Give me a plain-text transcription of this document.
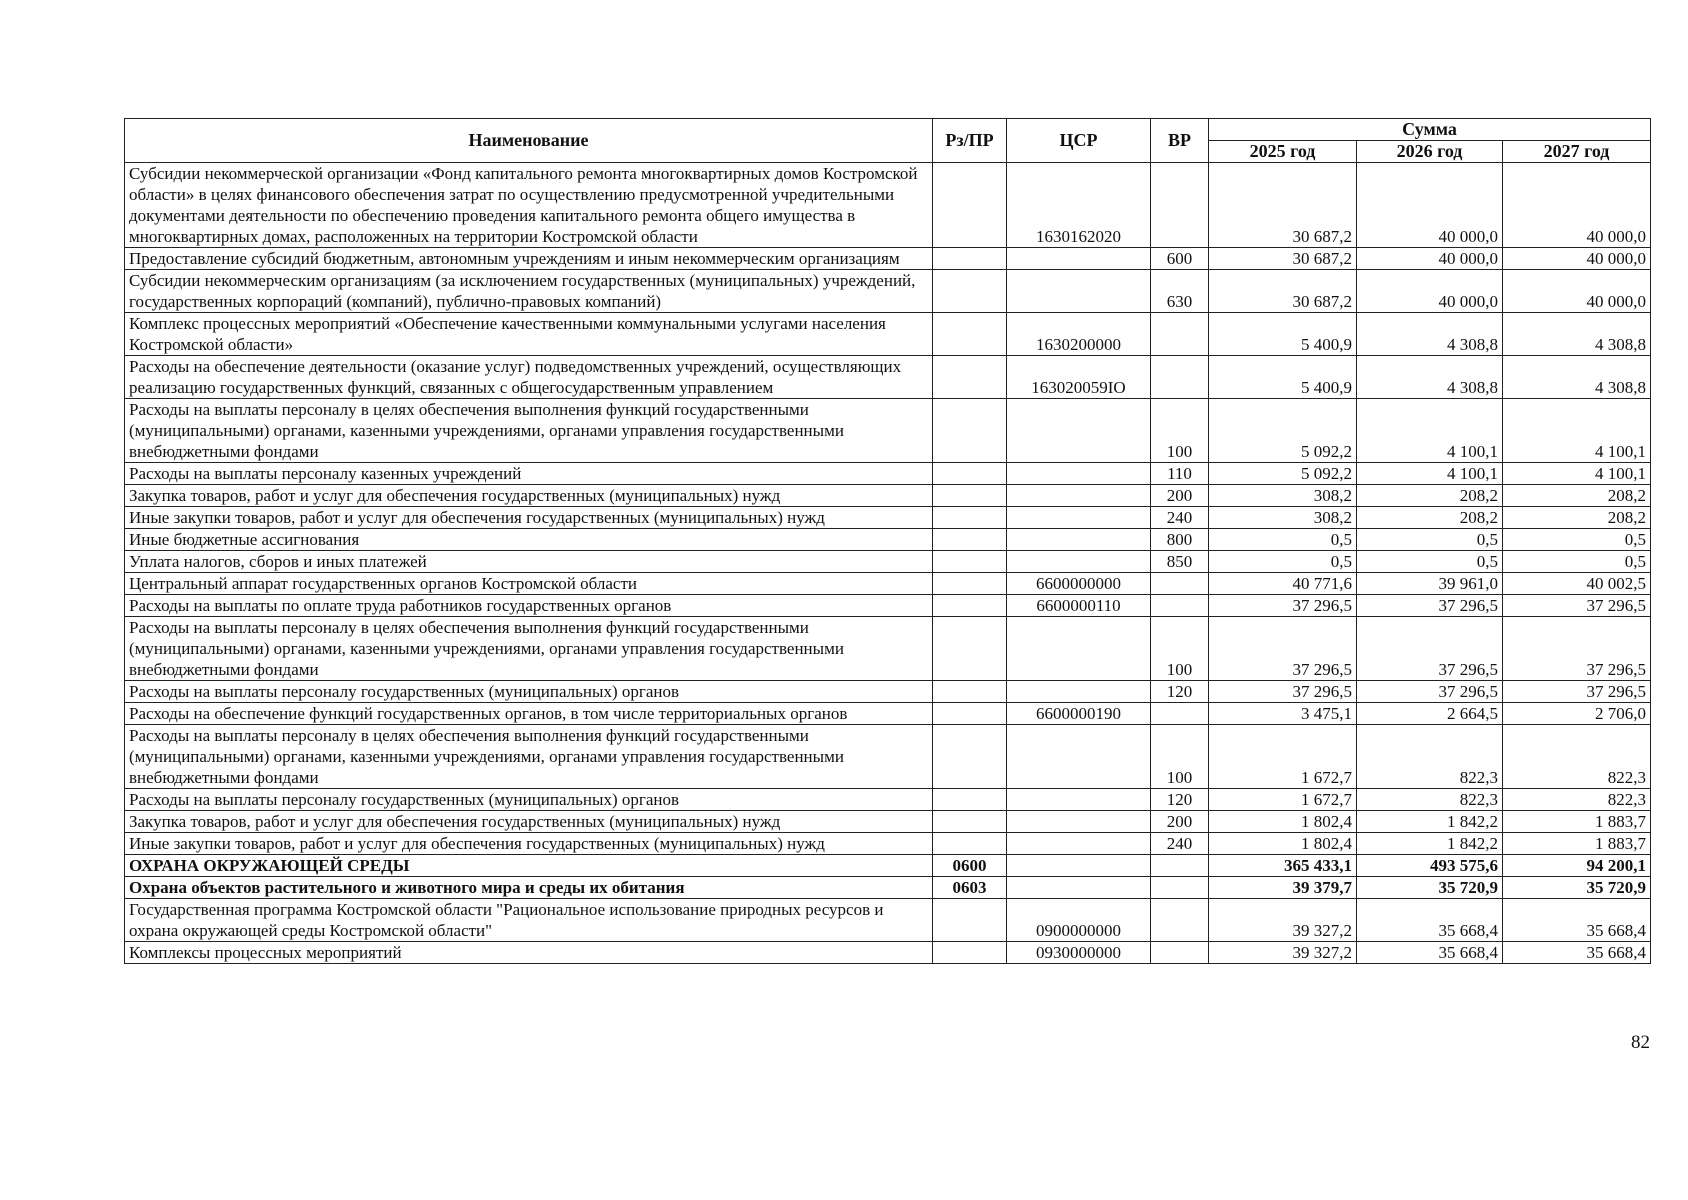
Наименование	Рз/ПР	ЦСР	ВР	Сумма		
				2025 год	2026 год	2027 год
Субсидии некоммерческой организации «Фонд капитального ремонта многоквартирных домов Костромской области» в целях финансового обеспечения затрат по осуществлению предусмотренной учредительными документами деятельности по обеспечению проведения капитального ремонта общего имущества в многоквартирных домах, расположенных на территории Костромской области		1630162020		30 687,2	40 000,0	40 000,0
Предоставление субсидий бюджетным, автономным учреждениям и иным некоммерческим организациям			600	30 687,2	40 000,0	40 000,0
Субсидии некоммерческим организациям (за исключением государственных (муниципальных) учреждений, государственных корпораций (компаний), публично-правовых компаний)			630	30 687,2	40 000,0	40 000,0
Комплекс процессных мероприятий «Обеспечение качественными коммунальными услугами населения Костромской области»		1630200000		5 400,9	4 308,8	4 308,8
Расходы на обеспечение деятельности (оказание услуг) подведомственных учреждений, осуществляющих реализацию государственных функций, связанных с общегосударственным управлением		163020059IO		5 400,9	4 308,8	4 308,8
Расходы на выплаты персоналу в целях обеспечения выполнения функций государственными (муниципальными) органами, казенными учреждениями, органами управления государственными внебюджетными фондами			100	5 092,2	4 100,1	4 100,1
Расходы на выплаты персоналу казенных учреждений			110	5 092,2	4 100,1	4 100,1
Закупка товаров, работ и услуг для обеспечения государственных (муниципальных) нужд			200	308,2	208,2	208,2
Иные закупки товаров, работ и услуг для обеспечения государственных (муниципальных) нужд			240	308,2	208,2	208,2
Иные бюджетные ассигнования			800	0,5	0,5	0,5
Уплата налогов, сборов и иных платежей			850	0,5	0,5	0,5
Центральный аппарат государственных органов Костромской области		6600000000		40 771,6	39 961,0	40 002,5
Расходы на выплаты по оплате труда работников государственных органов		6600000110		37 296,5	37 296,5	37 296,5
Расходы на выплаты персоналу в целях обеспечения выполнения функций государственными (муниципальными) органами, казенными учреждениями, органами управления государственными внебюджетными фондами			100	37 296,5	37 296,5	37 296,5
Расходы на выплаты персоналу государственных (муниципальных) органов			120	37 296,5	37 296,5	37 296,5
Расходы на обеспечение функций государственных органов, в том числе территориальных органов		6600000190		3 475,1	2 664,5	2 706,0
Расходы на выплаты персоналу в целях обеспечения выполнения функций государственными (муниципальными) органами, казенными учреждениями, органами управления государственными внебюджетными фондами			100	1 672,7	822,3	822,3
Расходы на выплаты персоналу государственных (муниципальных) органов			120	1 672,7	822,3	822,3
Закупка товаров, работ и услуг для обеспечения государственных (муниципальных) нужд			200	1 802,4	1 842,2	1 883,7
Иные закупки товаров, работ и услуг для обеспечения государственных (муниципальных) нужд			240	1 802,4	1 842,2	1 883,7
ОХРАНА ОКРУЖАЮЩЕЙ СРЕДЫ	0600			365 433,1	493 575,6	94 200,1
Охрана объектов растительного и животного мира и среды их обитания	0603			39 379,7	35 720,9	35 720,9
Государственная программа Костромской области "Рациональное использование природных ресурсов и охрана окружающей среды Костромской области"		0900000000		39 327,2	35 668,4	35 668,4
Комплексы процессных мероприятий		0930000000		39 327,2	35 668,4	35 668,4
82
